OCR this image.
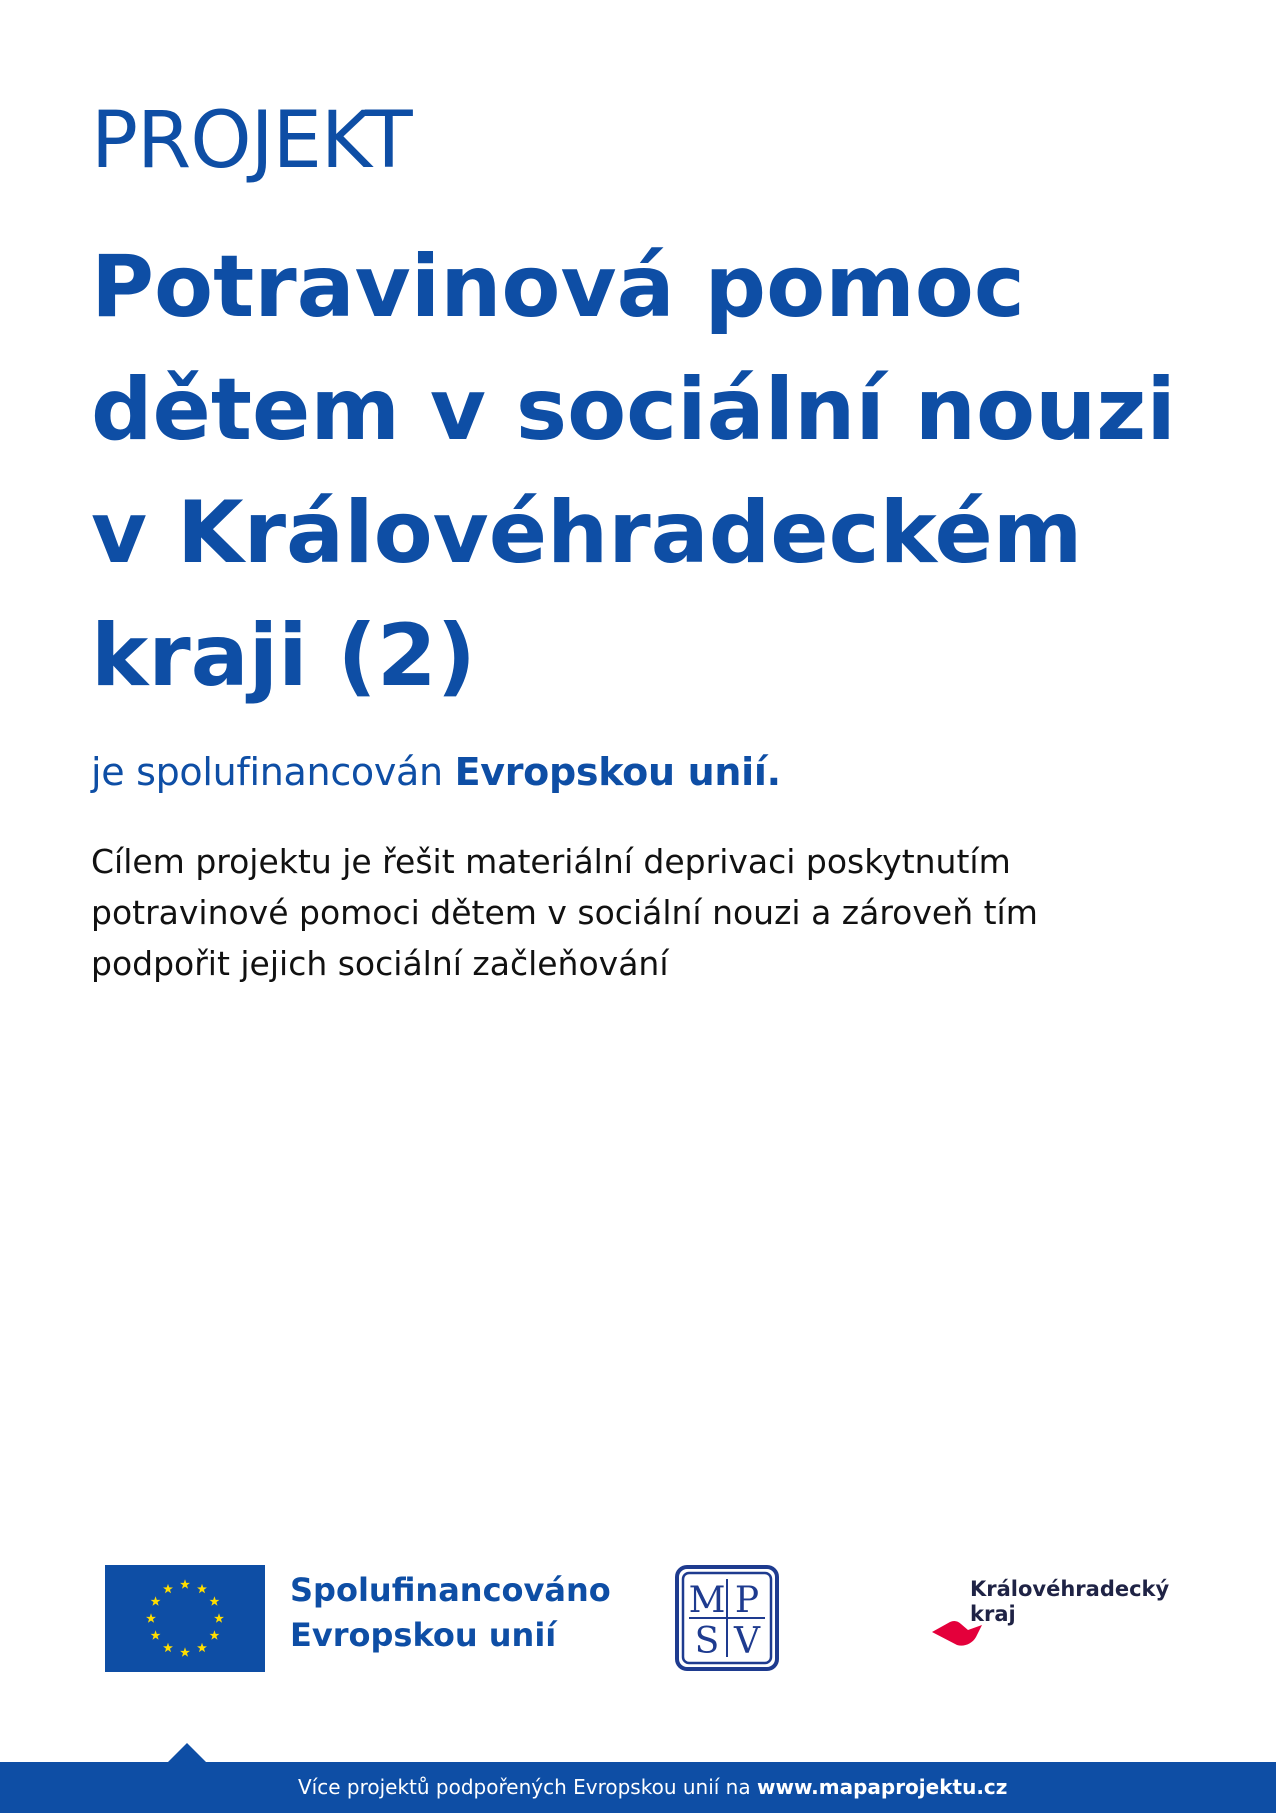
PROJEKT
Potravinová pomoc
dětem v sociální nouzi
v Královéhradeckém
kraji (2)
je spolufinancován Evropskou unií.
Cílem projektu je řešit materiální deprivaci poskytnutím
potravinové pomoci dětem v sociální nouzi a zároveň tím
podpořit jejich sociální začleňování
Spolufinancováno
Evropskou unií
M P
S V
Královéhradecký
kraj
Více projektů podpořených Evropskou unií na www.mapaprojektu.cz
